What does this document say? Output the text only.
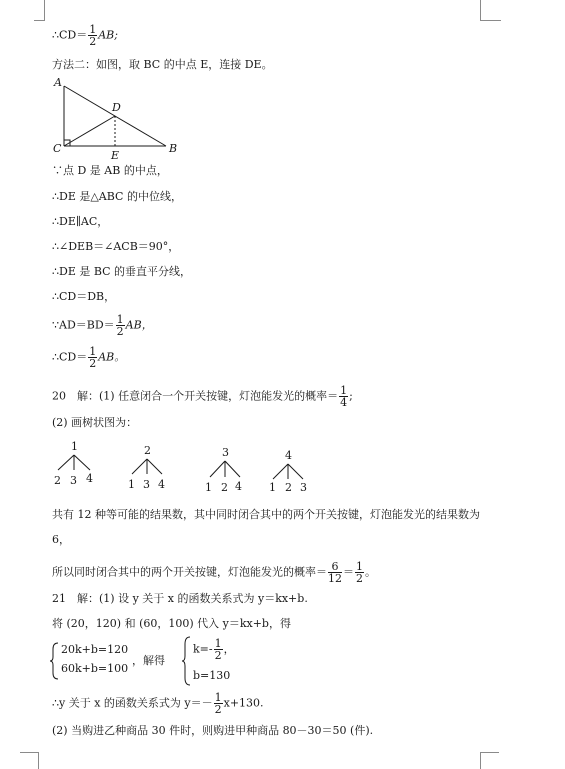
∴CD＝ $\frac{1}{2}$ AB;
方法二：如图，取 BC 的中点 E，连接 DE。
A
D
C
E
B
∵点 D 是 AB 的中点，
∴DE 是△ABC 的中位线，
∴DE∥AC，
∴∠DEB＝∠ACB＝90°，
∴DE 是 BC 的垂直平分线，
∴CD＝DB，
∵AD＝BD＝ $\frac{1}{2}$ AB，
∴CD＝ $\frac{1}{2}$ AB。
20　解：(1) 任意闭合一个开关按键，灯泡能发光的概率＝ $\frac{1}{4}$ ;
(2) 画树状图为：
1
2 3 4
2
1 3 4
3
1 2 4
4
1 2 3
共有 12 种等可能的结果数，其中同时闭合其中的两个开关按键，灯泡能发光的结果数为
6，
所以同时闭合其中的两个开关按键，灯泡能发光的概率＝ $\frac{6}{12} = \frac{1}{2}$ 。
21　解：(1) 设 y 关于 x 的函数关系式为 y＝kx+b.
将 (20，120) 和 (60，100) 代入 y＝kx+b，得
20k+b=120
60k+b=100
，解得
$k=- \frac{1}{2}$ ，
b=130
∴y 关于 x 的函数关系式为 $y=- \frac{1}{2} x+130$.
(2) 当购进乙种商品 30 件时，则购进甲种商品 80－30＝50 (件).
